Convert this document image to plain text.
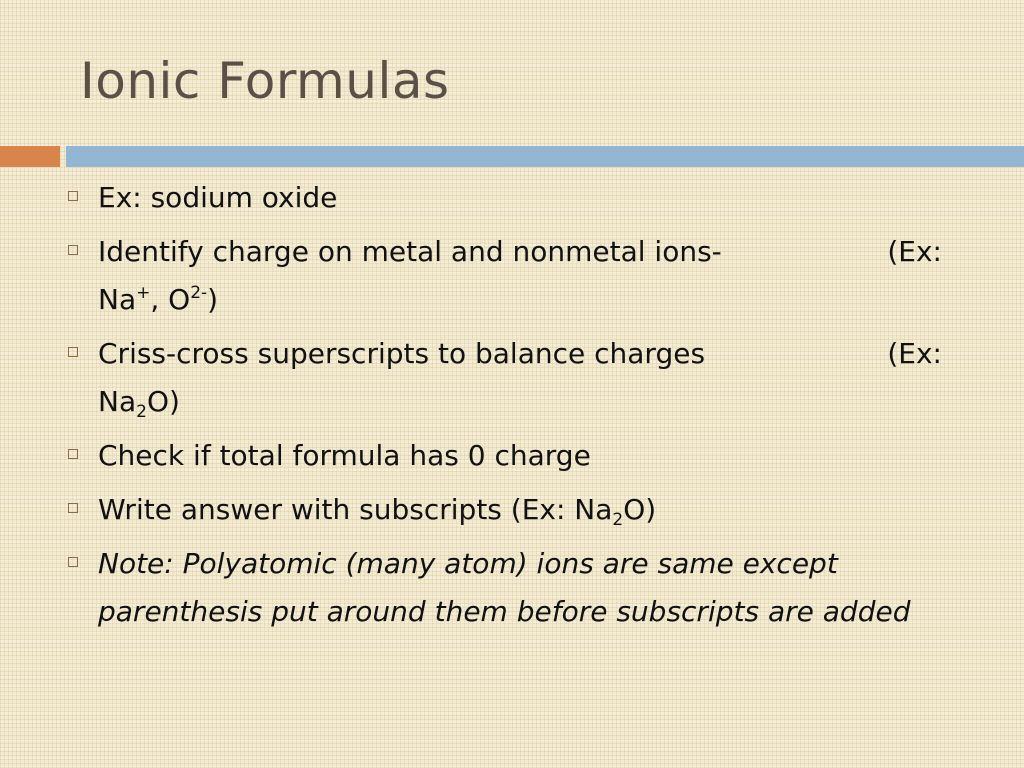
Ionic Formulas
Ex: sodium oxide
Identify charge on metal and nonmetal ions-	(Ex:
Na+, $O^{2-}$)
Criss-cross superscripts to balance charges	(Ex:
$Na_2O$)
Check if total formula has 0 charge
Write answer with subscripts (Ex: $Na_2O$)
Note: Polyatomic (many atom) ions are same except parenthesis put around them before subscripts are added
